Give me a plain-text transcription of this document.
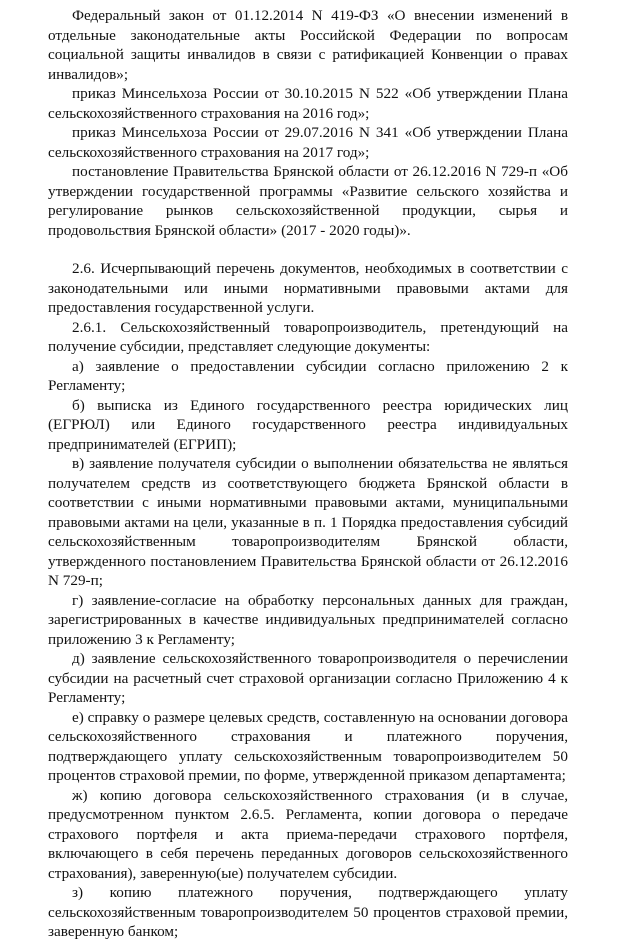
Федеральный закон от 01.12.2014 N 419-ФЗ «О внесении изменений в отдельные законодательные акты Российской Федерации по вопросам социальной защиты инвалидов в связи с ратификацией Конвенции о правах инвалидов»;

приказ Минсельхоза России от 30.10.2015 N 522 «Об утверждении Плана сельскохозяйственного страхования на 2016 год»;

приказ Минсельхоза России от 29.07.2016 N 341 «Об утверждении Плана сельскохозяйственного страхования на 2017 год»;

постановление Правительства Брянской области от 26.12.2016 N 729-п «Об утверждении государственной программы «Развитие сельского хозяйства и регулирование рынков сельскохозяйственной продукции, сырья и продовольствия Брянской области» (2017 - 2020 годы)».

2.6. Исчерпывающий перечень документов, необходимых в соответствии с законодательными или иными нормативными правовыми актами для предоставления государственной услуги.

2.6.1. Сельскохозяйственный товаропроизводитель, претендующий на получение субсидии, представляет следующие документы:

а) заявление о предоставлении субсидии согласно приложению 2 к Регламенту;

б) выписка из Единого государственного реестра юридических лиц (ЕГРЮЛ) или Единого государственного реестра индивидуальных предпринимателей (ЕГРИП);

в) заявление получателя субсидии о выполнении обязательства не являться получателем средств из соответствующего бюджета Брянской области в соответствии с иными нормативными правовыми актами, муниципальными правовыми актами на цели, указанные в п. 1 Порядка предоставления субсидий сельскохозяйственным товаропроизводителям Брянской области, утвержденного постановлением Правительства Брянской области от 26.12.2016 N 729-п;

г) заявление-согласие на обработку персональных данных для граждан, зарегистрированных в качестве индивидуальных предпринимателей согласно приложению 3 к Регламенту;

д) заявление сельскохозяйственного товаропроизводителя о перечислении субсидии на расчетный счет страховой организации согласно Приложению 4 к Регламенту;

е) справку о размере целевых средств, составленную на основании договора сельскохозяйственного страхования и платежного поручения, подтверждающего уплату сельскохозяйственным товаропроизводителем 50 процентов страховой премии, по форме, утвержденной приказом департамента;

ж) копию договора сельскохозяйственного страхования (и в случае, предусмотренном пунктом 2.6.5. Регламента, копии договора о передаче страхового портфеля и акта приема-передачи страхового портфеля, включающего в себя перечень переданных договоров сельскохозяйственного страхования), заверенную(ые) получателем субсидии.

з) копию платежного поручения, подтверждающего уплату сельскохозяйственным товаропроизводителем 50 процентов страховой премии, заверенную банком;
